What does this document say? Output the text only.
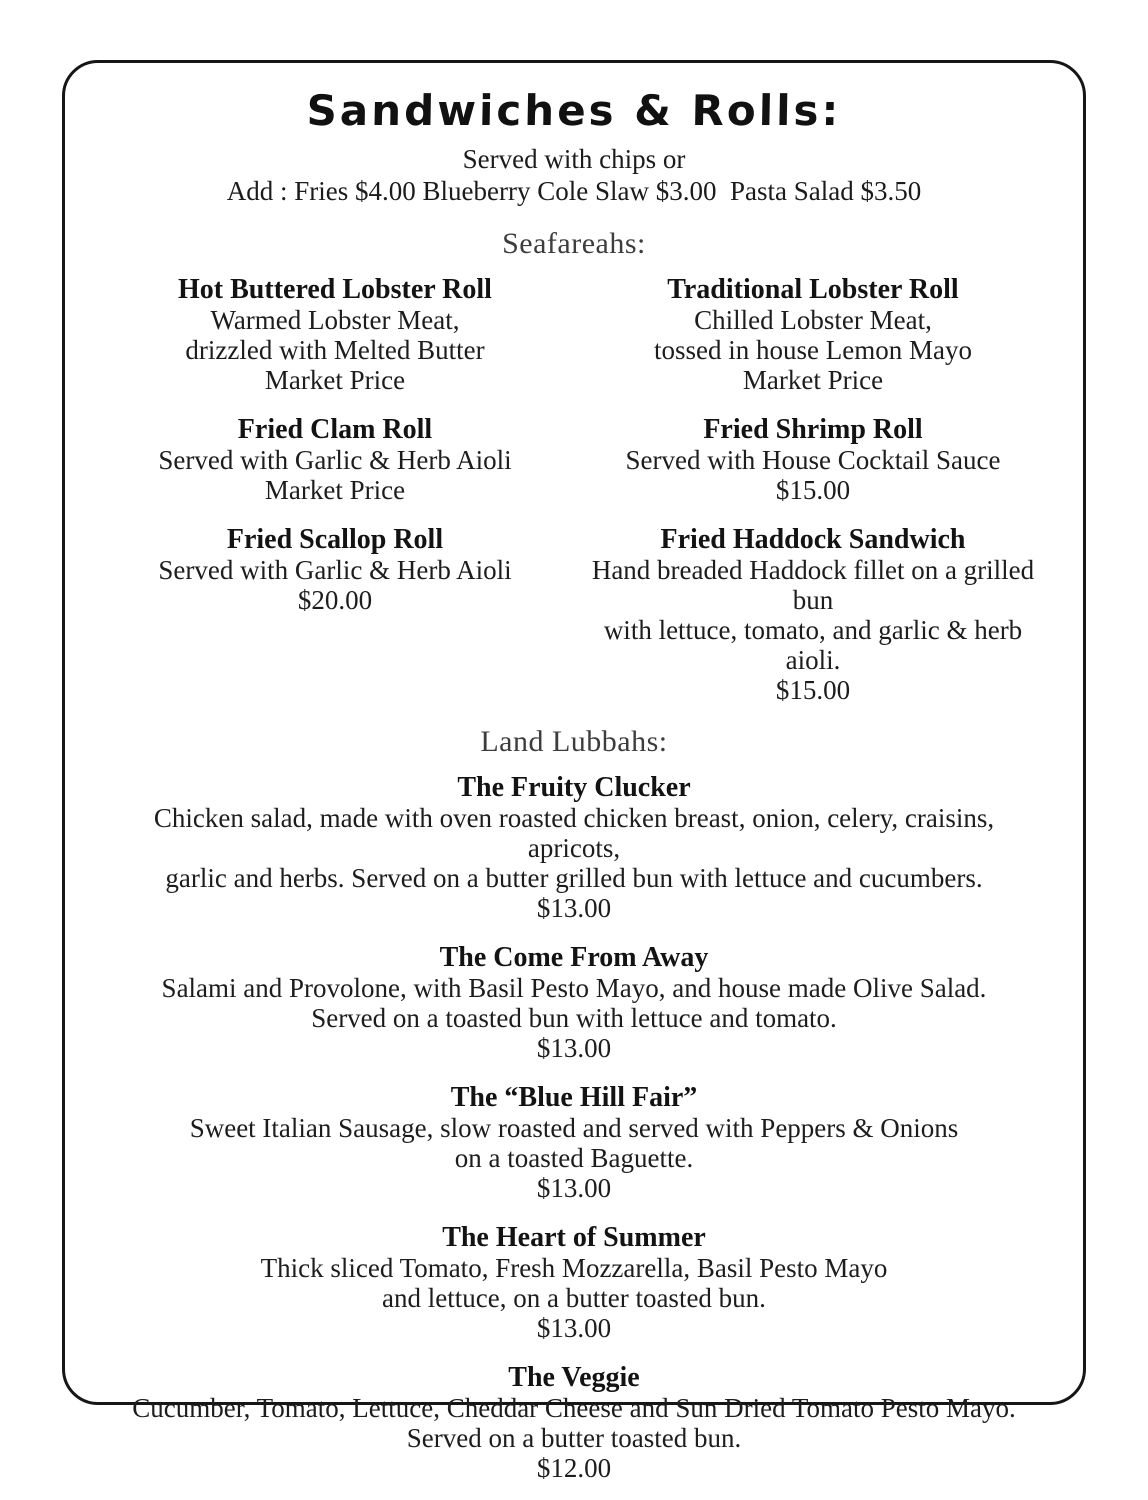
Sandwiches & Rolls:

Served with chips or

Add : Fries $4.00 Blueberry Cole Slaw $3.00  Pasta Salad $3.50

Seafareahs:
Hot Buttered Lobster Roll
Warmed Lobster Meat,
drizzled with Melted Butter
Market Price
Traditional Lobster Roll
Chilled Lobster Meat,
tossed in house Lemon Mayo
Market Price
Fried Clam Roll
Served with Garlic & Herb Aioli
Market Price
Fried Shrimp Roll
Served with House Cocktail Sauce
$15.00
Fried Scallop Roll
Served with Garlic & Herb Aioli
$20.00
Fried Haddock Sandwich
Hand breaded Haddock fillet on a grilled bun
with lettuce, tomato, and garlic & herb aioli.
$15.00
Land Lubbahs:
The Fruity Clucker
Chicken salad, made with oven roasted chicken breast, onion, celery, craisins, apricots,
garlic and herbs. Served on a butter grilled bun with lettuce and cucumbers.
$13.00
The Come From Away
Salami and Provolone, with Basil Pesto Mayo, and house made Olive Salad.
Served on a toasted bun with lettuce and tomato.
$13.00
The “Blue Hill Fair”
Sweet Italian Sausage, slow roasted and served with Peppers & Onions
on a toasted Baguette.
$13.00
The Heart of Summer
Thick sliced Tomato, Fresh Mozzarella, Basil Pesto Mayo
and lettuce, on a butter toasted bun.
$13.00
The Veggie
Cucumber, Tomato, Lettuce, Cheddar Cheese and Sun Dried Tomato Pesto Mayo.
Served on a butter toasted bun.
$12.00
